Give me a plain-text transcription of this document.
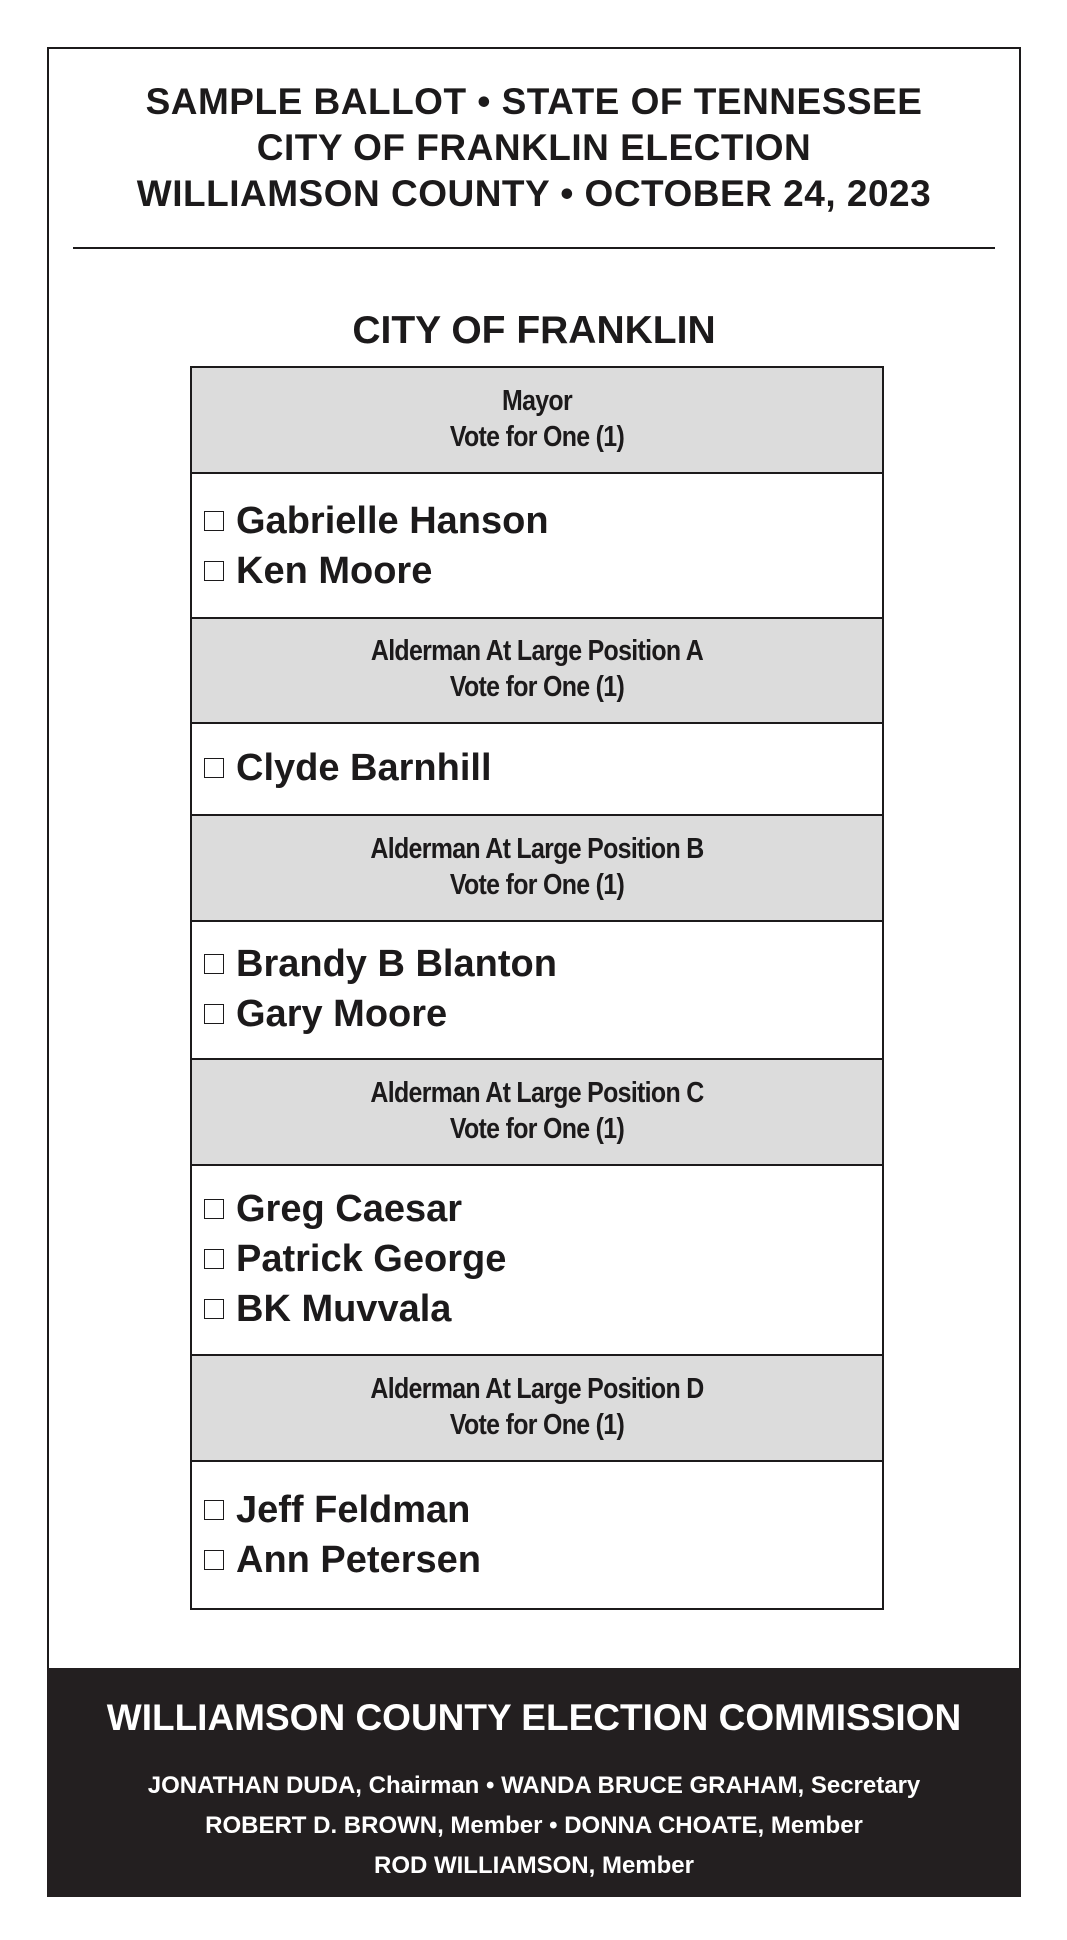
SAMPLE BALLOT • STATE OF TENNESSEE
CITY OF FRANKLIN ELECTION
WILLIAMSON COUNTY • OCTOBER 24, 2023
CITY OF FRANKLIN
Mayor
Vote for One (1)
Gabrielle Hanson
Ken Moore
Alderman At Large Position A
Vote for One (1)
Clyde Barnhill
Alderman At Large Position B
Vote for One (1)
Brandy B Blanton
Gary Moore
Alderman At Large Position C
Vote for One (1)
Greg Caesar
Patrick George
BK Muvvala
Alderman At Large Position D
Vote for One (1)
Jeff Feldman
Ann Petersen
WILLIAMSON COUNTY ELECTION COMMISSION
JONATHAN DUDA, Chairman • WANDA BRUCE GRAHAM, Secretary
ROBERT D. BROWN, Member • DONNA CHOATE, Member
ROD WILLIAMSON, Member
